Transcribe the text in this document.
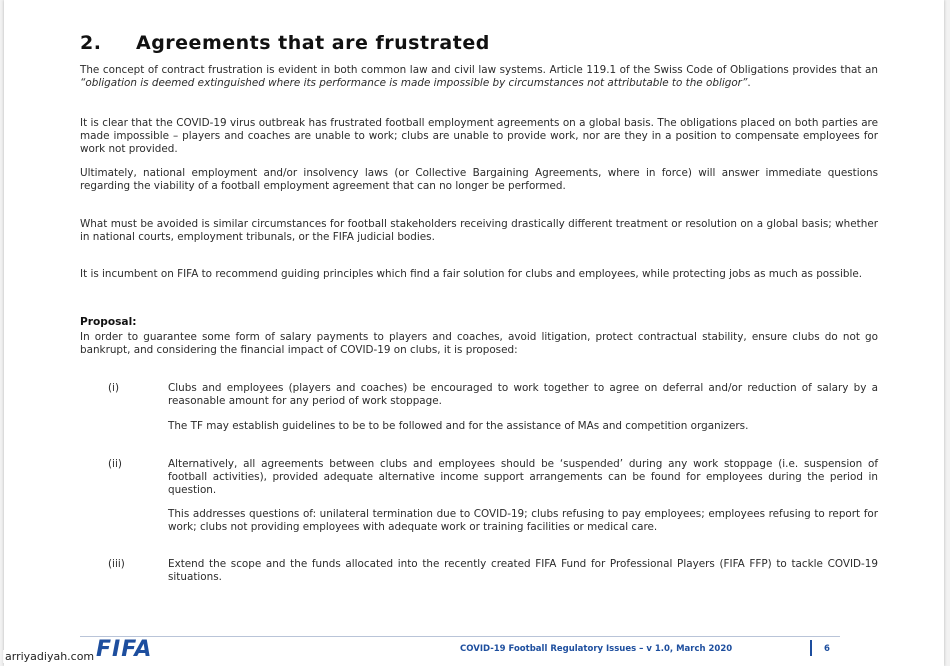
2. Agreements that are frustrated
The concept of contract frustration is evident in both common law and civil law systems. Article 119.1 of the Swiss Code of Obligations provides that an “obligation is deemed extinguished where its performance is made impossible by circumstances not attributable to the obligor”.
It is clear that the COVID-19 virus outbreak has frustrated football employment agreements on a global basis. The obligations placed on both parties are made impossible – players and coaches are unable to work; clubs are unable to provide work, nor are they in a position to compensate employees for work not provided.
Ultimately, national employment and/or insolvency laws (or Collective Bargaining Agreements, where in force) will answer immediate questions regarding the viability of a football employment agreement that can no longer be performed.
What must be avoided is similar circumstances for football stakeholders receiving drastically different treatment or resolution on a global basis; whether in national courts, employment tribunals, or the FIFA judicial bodies.
It is incumbent on FIFA to recommend guiding principles which find a fair solution for clubs and employees, while protecting jobs as much as possible.
Proposal:
In order to guarantee some form of salary payments to players and coaches, avoid litigation, protect contractual stability, ensure clubs do not go bankrupt, and considering the financial impact of COVID-19 on clubs, it is proposed:
(i)	Clubs and employees (players and coaches) be encouraged to work together to agree on deferral and/or reduction of salary by a reasonable amount for any period of work stoppage.
The TF may establish guidelines to be to be followed and for the assistance of MAs and competition organizers.
(ii)	Alternatively, all agreements between clubs and employees should be ‘suspended’ during any work stoppage (i.e. suspension of football activities), provided adequate alternative income support arrangements can be found for employees during the period in question.
This addresses questions of: unilateral termination due to COVID-19; clubs refusing to pay employees; employees refusing to report for work; clubs not providing employees with adequate work or training facilities or medical care.
(iii)	Extend the scope and the funds allocated into the recently created FIFA Fund for Professional Players (FIFA FFP) to tackle COVID-19 situations.
FIFA	COVID-19 Football Regulatory Issues – v 1.0, March 2020	6
arriyadiyah.com
